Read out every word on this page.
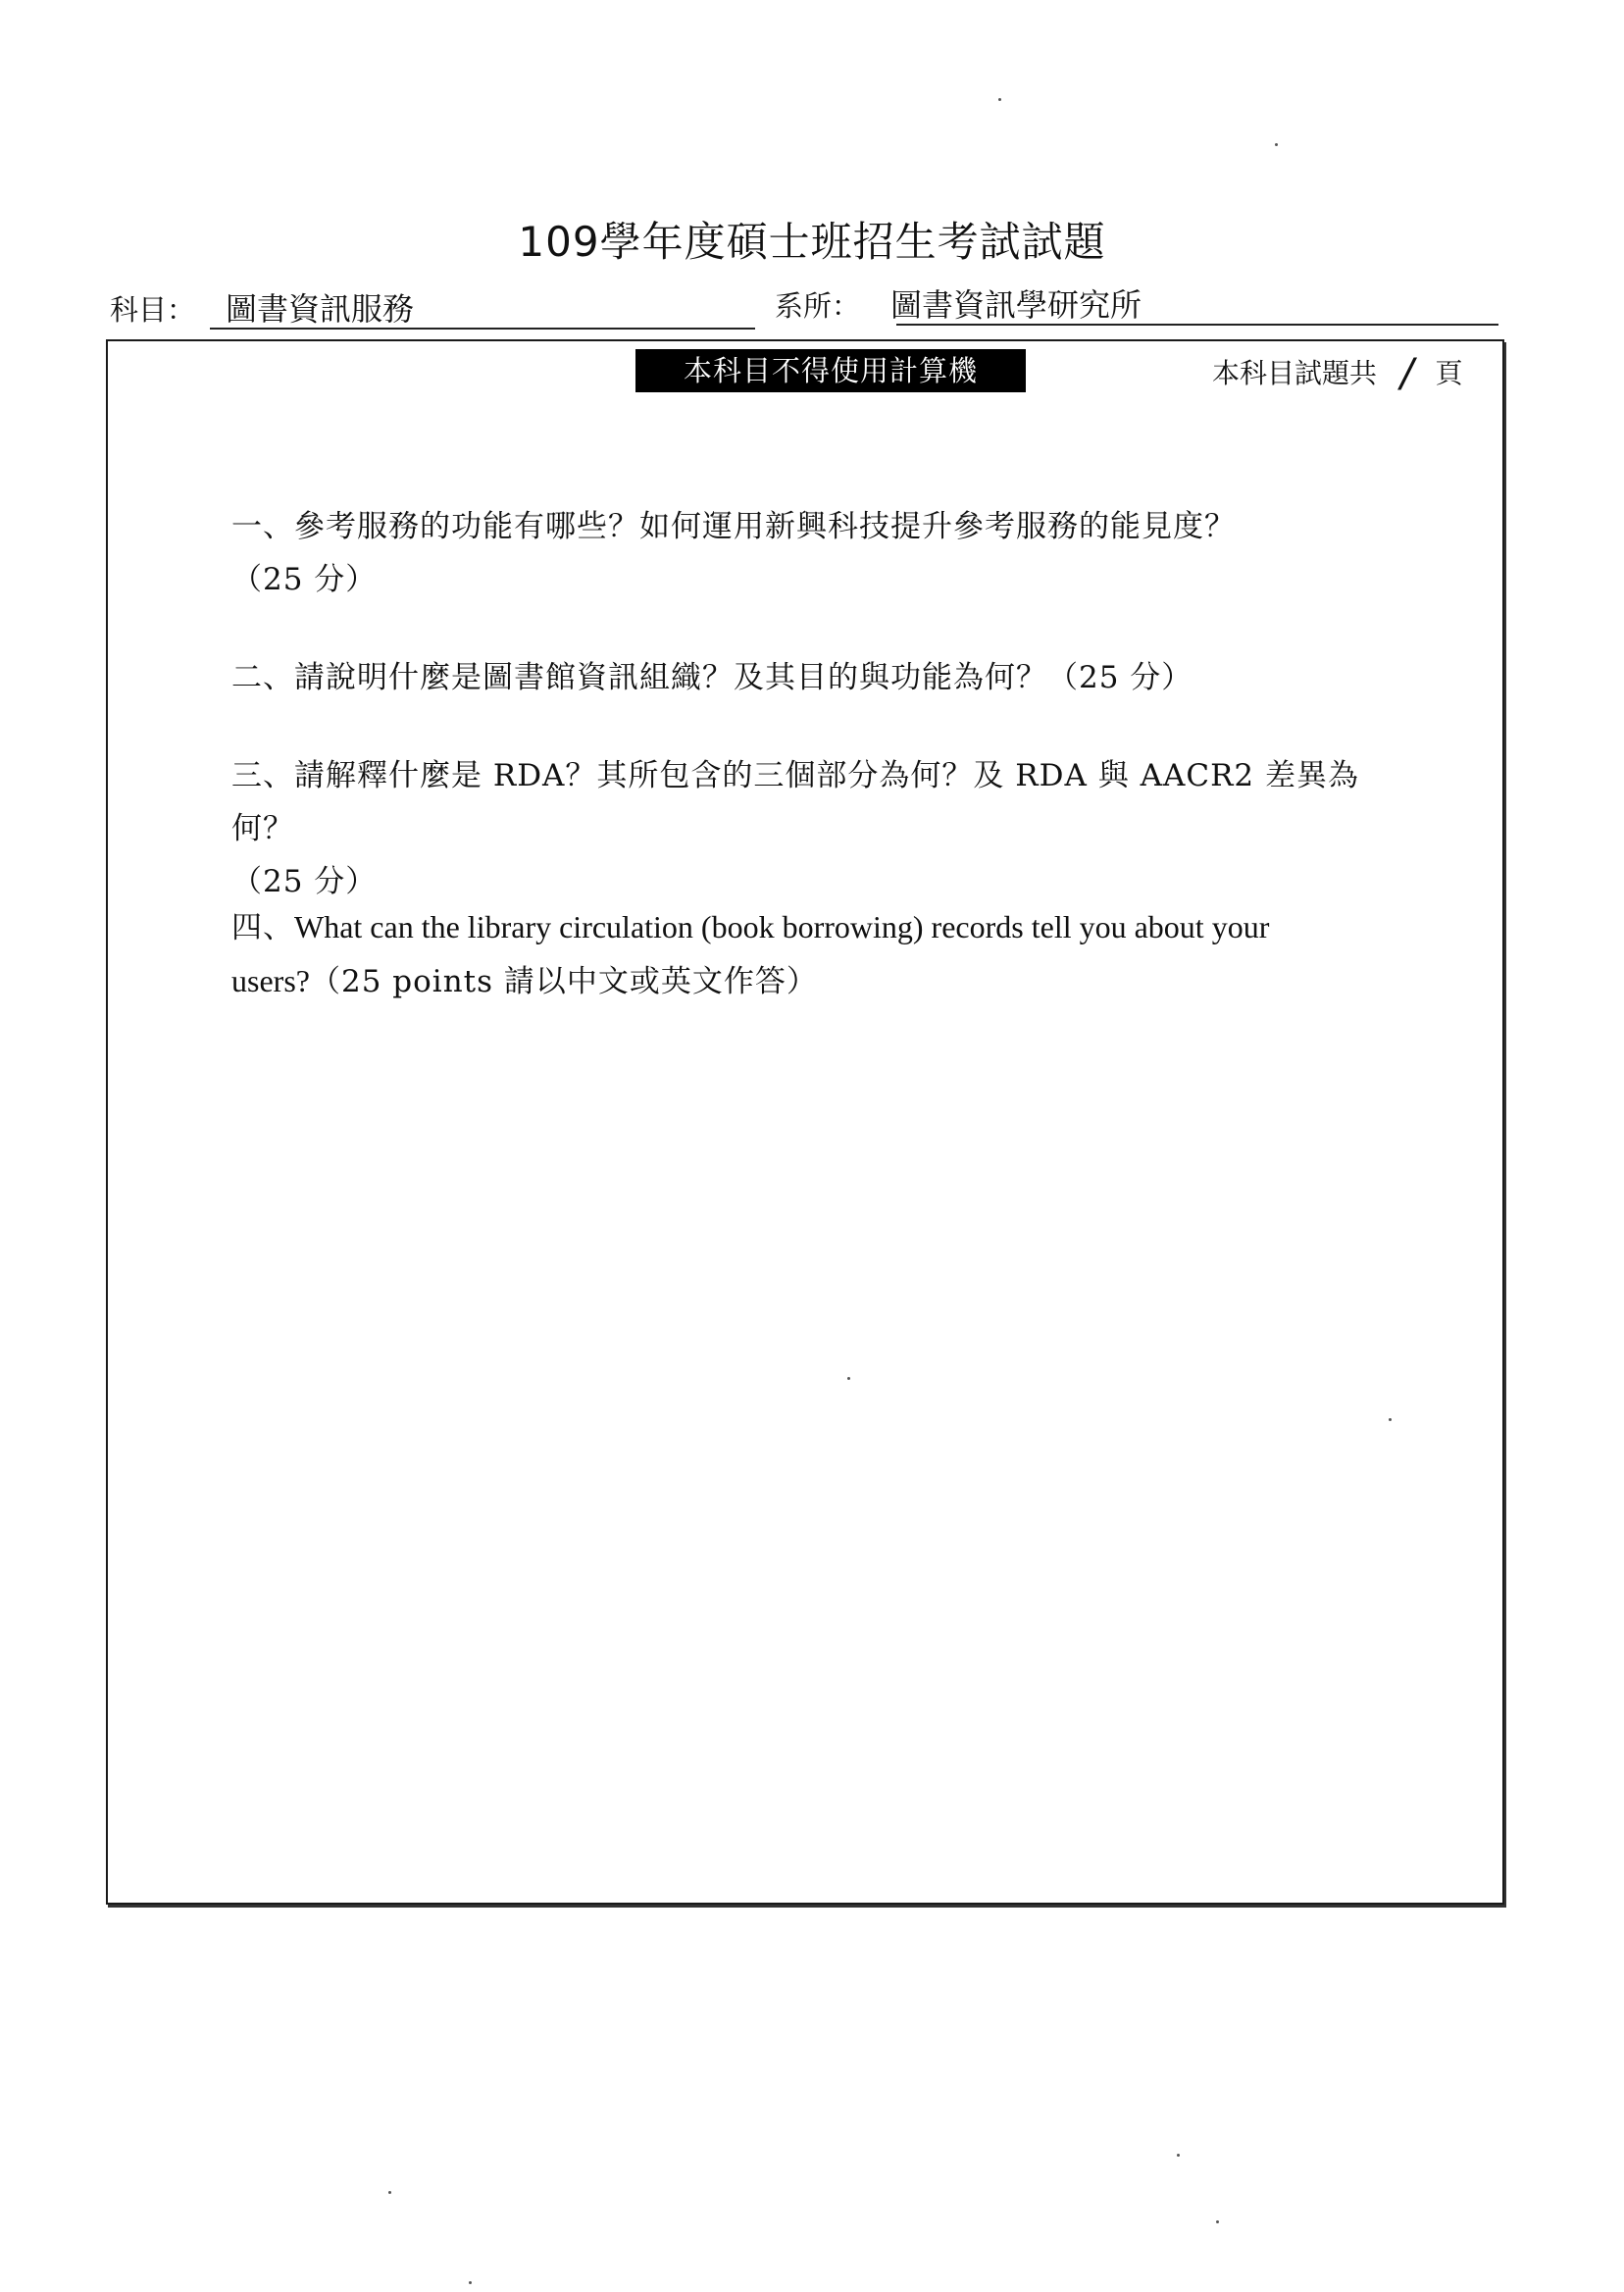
109學年度碩士班招生考試試題
科目： 圖書資訊服務	系所： 圖書資訊學研究所
本科目不得使用計算機	本科目試題共 / 頁
一、參考服務的功能有哪些？如何運用新興科技提升參考服務的能見度？
（25 分）
二、請說明什麼是圖書館資訊組織？及其目的與功能為何？（25 分）
三、請解釋什麼是 RDA？其所包含的三個部分為何？及 RDA 與 AACR2 差異為何？
（25 分）
四、What can the library circulation (book borrowing) records tell you about your
users?（25 points 請以中文或英文作答）
